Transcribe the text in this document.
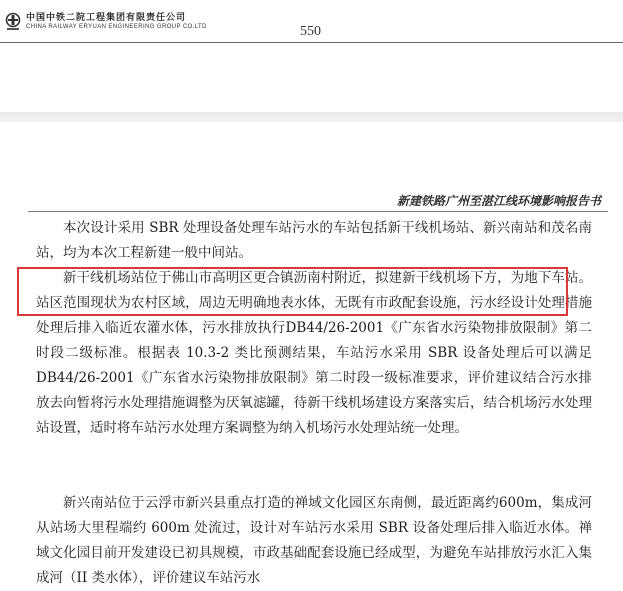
中国中铁二院工程集团有限责任公司
CHINA RAILWAY ERYUAN ENGINEERING GROUP CO.LTD	550
新建铁路广州至湛江线环境影响报告书

本次设计采用 SBR 处理设备处理车站污水的车站包括新干线机场站、新兴南站和茂名南站，均为本次工程新建一般中间站。

新干线机场站位于佛山市高明区更合镇沥南村附近，拟建新干线机场下方，为地下车站。站区范围现状为农村区域，周边无明确地表水体，无既有市政配套设施，污水经设计处理措施处理后排入临近农灌水体，污水排放执行DB44/26-2001《广东省水污染物排放限制》第二时段二级标准。根据表 10.3-2 类比预测结果，车站污水采用 SBR 设备处理后可以满足 DB44/26-2001《广东省水污染物排放限制》第二时段一级标准要求，评价建议结合污水排放去向暂将污水处理措施调整为厌氧滤罐，待新干线机场建设方案落实后，结合机场污水处理站设置，适时将车站污水处理方案调整为纳入机场污水处理站统一处理。

新兴南站位于云浮市新兴县重点打造的禅域文化园区东南侧，最近距离约600m，集成河从站场大里程端约 600m 处流过，设计对车站污水采用 SBR 设备处理后排入临近水体。禅域文化园目前开发建设已初具规模，市政基础配套设施已经成型，为避免车站排放污水汇入集成河（II 类水体），评价建议车站污水
